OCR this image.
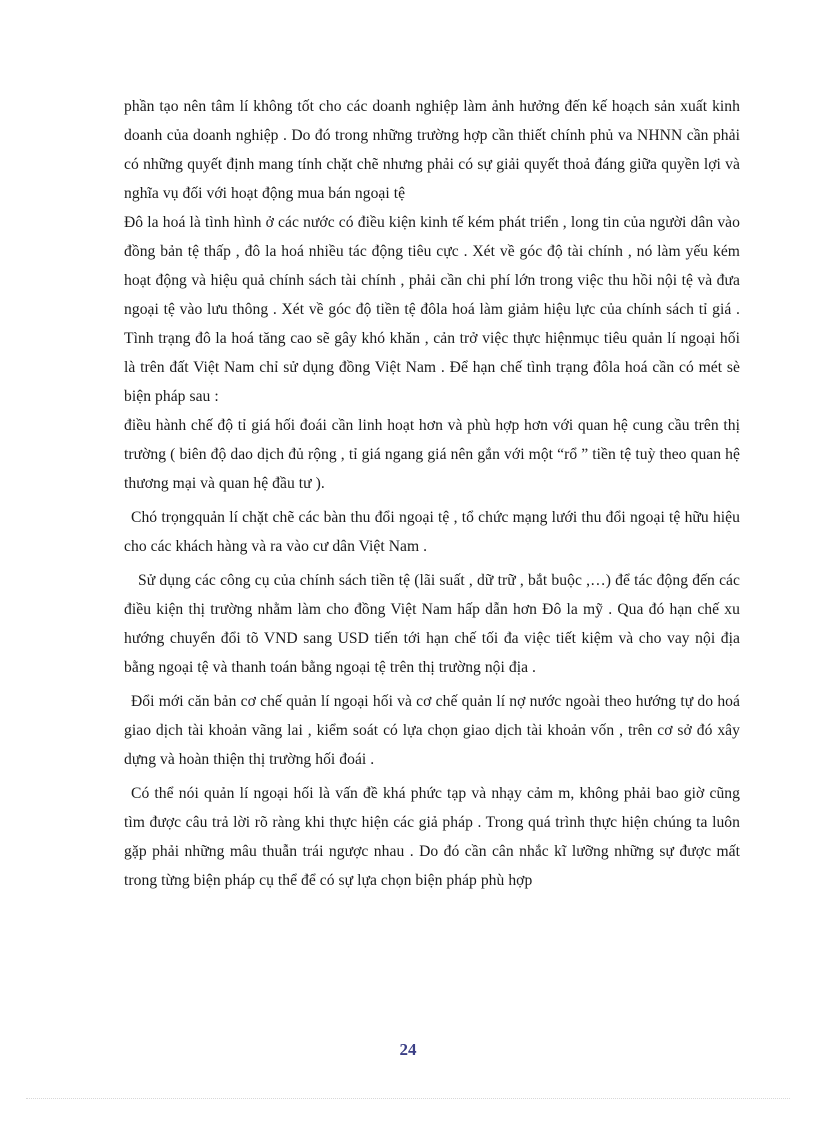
phần tạo nên tâm lí không tốt cho các doanh nghiệp làm ảnh hưởng đến kế hoạch sản xuất kinh doanh của doanh nghiệp . Do đó trong những trường hợp cần thiết chính phủ va NHNN cần phải có những quyết định mang tính chặt chẽ nhưng phải có sự giải quyết thoả đáng giữa quyền lợi và nghĩa vụ đối với hoạt động mua bán ngoại tệ

Đô la hoá là tình hình ở các nước có điều kiện kinh tế kém phát triển , long tin của người dân vào đồng bản tệ thấp , đô la hoá nhiều tác động tiêu cực . Xét về góc độ tài chính , nó làm yếu kém hoạt động và hiệu quả chính sách tài chính , phải cần chi phí lớn trong việc thu hồi nội tệ và đưa ngoại tệ vào lưu thông . Xét về góc độ tiền tệ đôla hoá làm giảm hiệu lực của chính sách tỉ giá . Tình trạng đô la hoá tăng cao sẽ gây khó khăn , cản trở việc thực hiệnmục tiêu quản lí ngoại hối là trên đất Việt Nam chỉ sử dụng đồng Việt Nam . Để hạn chế tình trạng đôla hoá cần có mét sè biện pháp sau :

điều hành chế độ tỉ giá hối đoái cần linh hoạt hơn và phù hợp hơn với quan hệ cung cầu trên thị trường ( biên độ dao dịch đủ rộng , tỉ giá ngang giá nên gắn với một “rổ ” tiền tệ tuỳ theo quan hệ thương mại và quan hệ đầu tư ).

Chó trọngquản lí chặt chẽ các bàn thu đổi ngoại tệ , tổ chức mạng lưới thu đổi ngoại tệ hữu hiệu cho các khách hàng và ra vào cư dân Việt Nam .

Sử dụng các công cụ của chính sách tiền tệ (lãi suất , dữ trữ , bắt buộc ,…) để tác động đến các điều kiện thị trường nhằm làm cho đồng Việt Nam hấp dẫn hơn Đô la mỹ . Qua đó hạn chế xu hướng chuyển đổi tõ VND sang USD tiến tới hạn chế tối đa việc tiết kiệm và cho vay nội địa bằng ngoại tệ và thanh toán bằng ngoại tệ trên thị trường nội địa .

Đổi mới căn bản cơ chế quản lí ngoại hối và cơ chế quản lí nợ nước ngoài theo hướng tự do hoá giao dịch tài khoản vãng lai , kiểm soát có lựa chọn giao dịch tài khoản vốn , trên cơ sở đó xây dựng và hoàn thiện thị trường hối đoái .

Có thể nói quản lí ngoại hối là vấn đề khá phức tạp và nhạy cảm m, không phải bao giờ cũng tìm được câu trả lời rõ ràng khi thực hiện các giả pháp . Trong quá trình thực hiện chúng ta luôn gặp phải những mâu thuẫn trái ngược nhau . Do đó cần cân nhắc kĩ lưỡng những sự được mất trong từng biện pháp cụ thể để có sự lựa chọn biện pháp phù hợp

24
